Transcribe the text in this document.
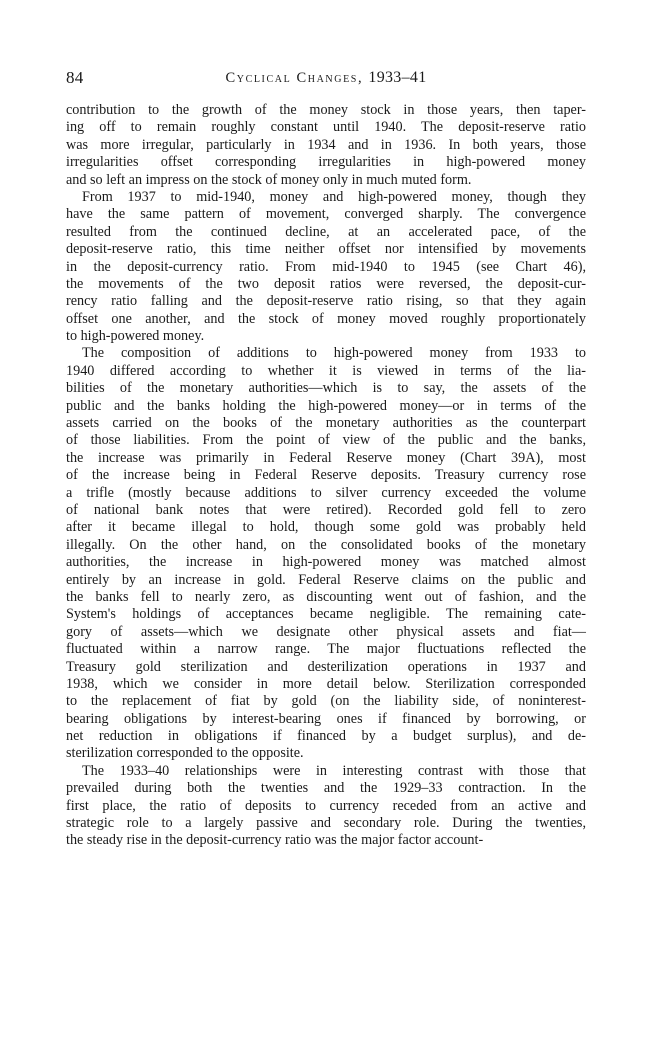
84	Cyclical Changes, 1933–41
contribution to the growth of the money stock in those years, then taper-
ing off to remain roughly constant until 1940. The deposit-reserve ratio
was more irregular, particularly in 1934 and in 1936. In both years, those
irregularities offset corresponding irregularities in high-powered money
and so left an impress on the stock of money only in much muted form.
From 1937 to mid-1940, money and high-powered money, though they
have the same pattern of movement, converged sharply. The convergence
resulted from the continued decline, at an accelerated pace, of the
deposit-reserve ratio, this time neither offset nor intensified by movements
in the deposit-currency ratio. From mid-1940 to 1945 (see Chart 46),
the movements of the two deposit ratios were reversed, the deposit-cur-
rency ratio falling and the deposit-reserve ratio rising, so that they again
offset one another, and the stock of money moved roughly proportionately
to high-powered money.
The composition of additions to high-powered money from 1933 to
1940 differed according to whether it is viewed in terms of the lia-
bilities of the monetary authorities—which is to say, the assets of the
public and the banks holding the high-powered money—or in terms of the
assets carried on the books of the monetary authorities as the counterpart
of those liabilities. From the point of view of the public and the banks,
the increase was primarily in Federal Reserve money (Chart 39A), most
of the increase being in Federal Reserve deposits. Treasury currency rose
a trifle (mostly because additions to silver currency exceeded the volume
of national bank notes that were retired). Recorded gold fell to zero
after it became illegal to hold, though some gold was probably held
illegally. On the other hand, on the consolidated books of the monetary
authorities, the increase in high-powered money was matched almost
entirely by an increase in gold. Federal Reserve claims on the public and
the banks fell to nearly zero, as discounting went out of fashion, and the
System's holdings of acceptances became negligible. The remaining cate-
gory of assets—which we designate other physical assets and fiat—
fluctuated within a narrow range. The major fluctuations reflected the
Treasury gold sterilization and desterilization operations in 1937 and
1938, which we consider in more detail below. Sterilization corresponded
to the replacement of fiat by gold (on the liability side, of noninterest-
bearing obligations by interest-bearing ones if financed by borrowing, or
net reduction in obligations if financed by a budget surplus), and de-
sterilization corresponded to the opposite.
The 1933–40 relationships were in interesting contrast with those that
prevailed during both the twenties and the 1929–33 contraction. In the
first place, the ratio of deposits to currency receded from an active and
strategic role to a largely passive and secondary role. During the twenties,
the steady rise in the deposit-currency ratio was the major factor account-
